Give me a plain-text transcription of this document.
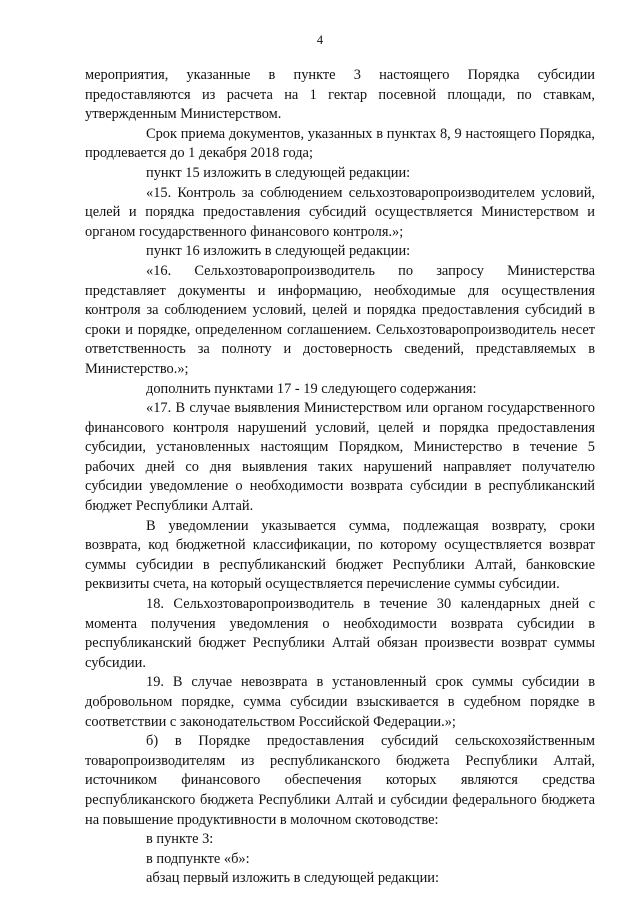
4

мероприятия, указанные в пункте 3 настоящего Порядка субсидии предоставляются из расчета на 1 гектар посевной площади, по ставкам, утвержденным Министерством.

Срок приема документов, указанных в пунктах 8, 9 настоящего Порядка, продлевается до 1 декабря 2018 года;

пункт 15 изложить в следующей редакции:

«15. Контроль за соблюдением сельхозтоваропроизводителем условий, целей и порядка предоставления субсидий осуществляется Министерством и органом государственного финансового контроля.»;

пункт 16 изложить в следующей редакции:

«16. Сельхозтоваропроизводитель по запросу Министерства представляет документы и информацию, необходимые для осуществления контроля за соблюдением условий, целей и порядка предоставления субсидий в сроки и порядке, определенном соглашением. Сельхозтоваропроизводитель несет ответственность за полноту и достоверность сведений, представляемых в Министерство.»;

дополнить пунктами 17 - 19 следующего содержания:

«17. В случае выявления Министерством или органом государственного финансового контроля нарушений условий, целей и порядка предоставления субсидии, установленных настоящим Порядком, Министерство в течение 5 рабочих дней со дня выявления таких нарушений направляет получателю субсидии уведомление о необходимости возврата субсидии в республиканский бюджет Республики Алтай.

В уведомлении указывается сумма, подлежащая возврату, сроки возврата, код бюджетной классификации, по которому осуществляется возврат суммы субсидии в республиканский бюджет Республики Алтай, банковские реквизиты счета, на который осуществляется перечисление суммы субсидии.

18. Сельхозтоваропроизводитель в течение 30 календарных дней с момента получения уведомления о необходимости возврата субсидии в республиканский бюджет Республики Алтай обязан произвести возврат суммы субсидии.

19. В случае невозврата в установленный срок суммы субсидии в добровольном порядке, сумма субсидии взыскивается в судебном порядке в соответствии с законодательством Российской Федерации.»;

б) в Порядке предоставления субсидий сельскохозяйственным товаропроизводителям из республиканского бюджета Республики Алтай, источником финансового обеспечения которых являются средства республиканского бюджета Республики Алтай и субсидии федерального бюджета на повышение продуктивности в молочном скотоводстве:

в пункте 3:

в подпункте «б»:

абзац первый изложить в следующей редакции:
